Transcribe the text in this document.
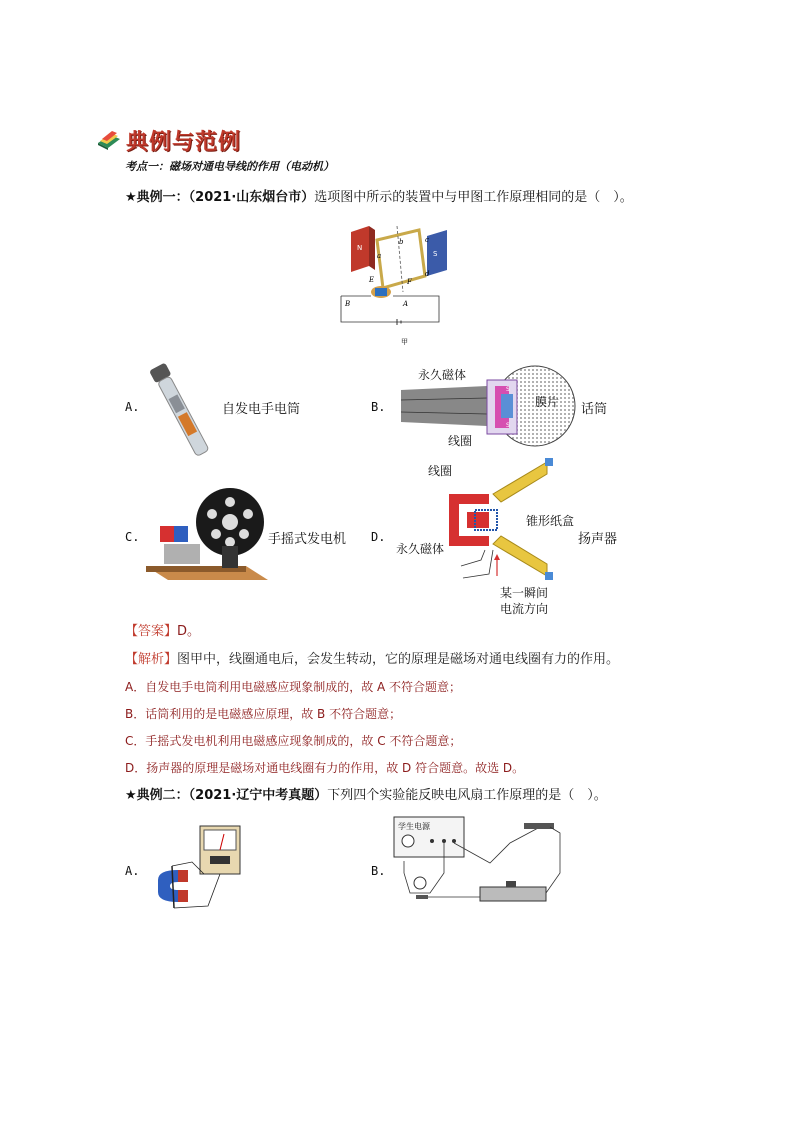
典例与范例
考点一：磁场对通电导线的作用（电动机）
★典例一：（2021·山东烟台市）选项图中所示的装置中与甲图工作原理相同的是（　）。
N
S
a
b	c
d
E	F
B	A
甲
A.	自发电手电筒	B.
S
S
永久磁体
膜片
线圈
话筒
C.	手摇式发电机 D.
线圈
锥形纸盒
永久磁体
某一瞬间
电流方向
扬声器
【答案】D。
【解析】图甲中，线圈通电后，会发生转动，它的原理是磁场对通电线圈有力的作用。
A．自发电手电筒利用电磁感应现象制成的，故 A 不符合题意；
B．话筒利用的是电磁感应原理，故 B 不符合题意；
C．手摇式发电机利用电磁感应现象制成的，故 C 不符合题意；
D．扬声器的原理是磁场对通电线圈有力的作用，故 D 符合题意。故选 D。
★典例二：（2021·辽宁中考真题）下列四个实验能反映电风扇工作原理的是（　）。
A.	B.
学生电源
